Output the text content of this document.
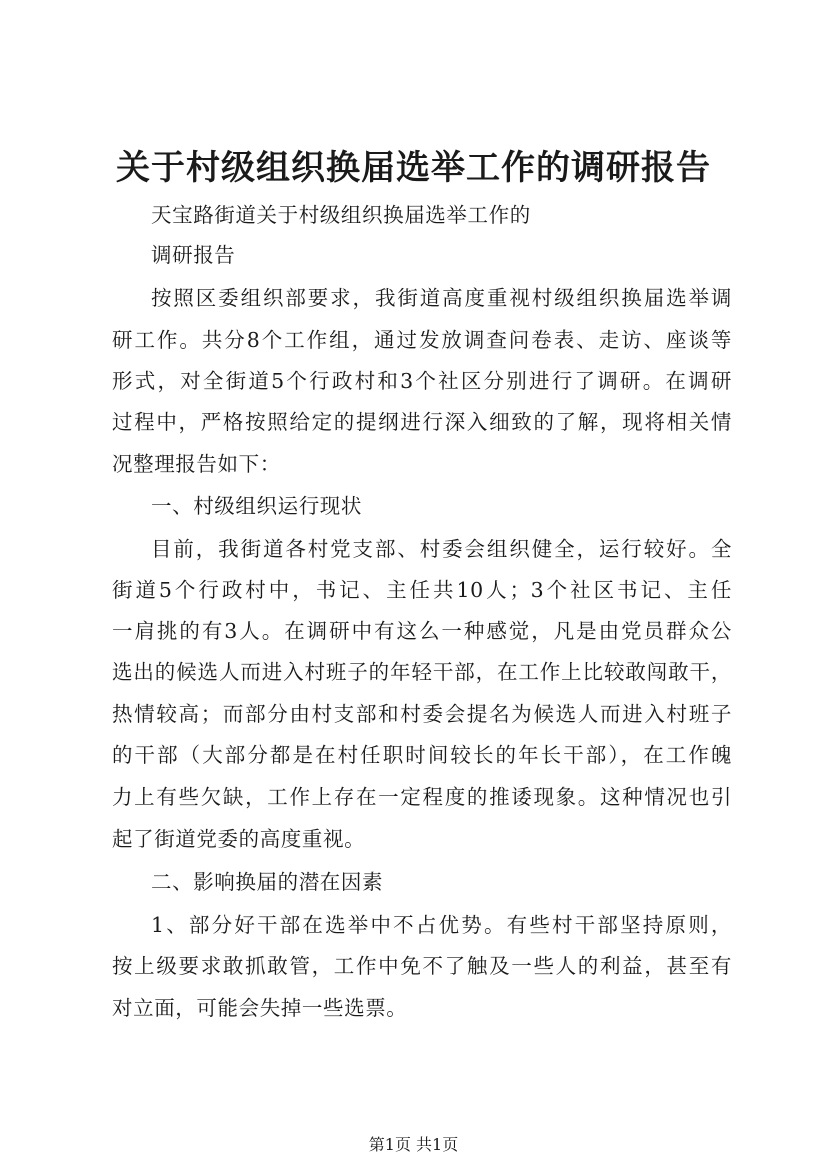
关于村级组织换届选举工作的调研报告
天宝路街道关于村级组织换届选举工作的
调研报告
按照区委组织部要求，我街道高度重视村级组织换届选举调
研工作。共分8个工作组，通过发放调查问卷表、走访、座谈等
形式，对全街道5个行政村和3个社区分别进行了调研。在调研
过程中，严格按照给定的提纲进行深入细致的了解，现将相关情
况整理报告如下：
一、村级组织运行现状
目前，我街道各村党支部、村委会组织健全，运行较好。全
街道5个行政村中，书记、主任共10人；3个社区书记、主任
一肩挑的有3人。在调研中有这么一种感觉，凡是由党员群众公
选出的候选人而进入村班子的年轻干部，在工作上比较敢闯敢干，
热情较高；而部分由村支部和村委会提名为候选人而进入村班子
的干部（大部分都是在村任职时间较长的年长干部），在工作魄
力上有些欠缺，工作上存在一定程度的推诿现象。这种情况也引
起了街道党委的高度重视。
二、影响换届的潜在因素
1、部分好干部在选举中不占优势。有些村干部坚持原则，
按上级要求敢抓敢管，工作中免不了触及一些人的利益，甚至有
对立面，可能会失掉一些选票。
第1页 共1页
